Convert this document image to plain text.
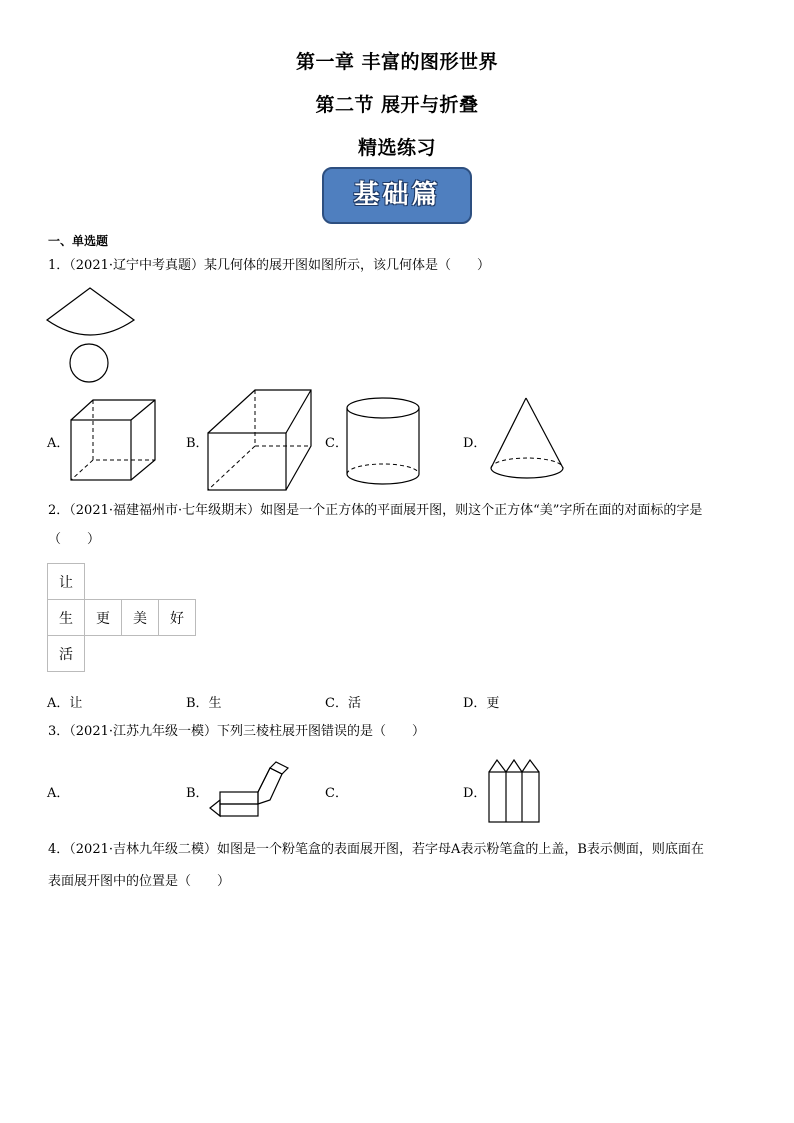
第一章 丰富的图形世界
第二节 展开与折叠
精选练习
基础篇
一、单选题
1．（2021·辽宁中考真题）某几何体的展开图如图所示，该几何体是（　　）
A．	B．	C．	D．
2．（2021·福建福州市·七年级期末）如图是一个正方体的平面展开图，则这个正方体“美”字所在面的对面标的字是
（　　）
让			
生	更	美	好
活			
A．让	B．生	C．活	D．更
3．（2021·江苏九年级一模）下列三棱柱展开图错误的是（　　）
A．	B．	C．	D．
4．（2021·吉林九年级二模）如图是一个粉笔盒的表面展开图，若字母A表示粉笔盒的上盖，B表示侧面，则底面在
表面展开图中的位置是（　　）
